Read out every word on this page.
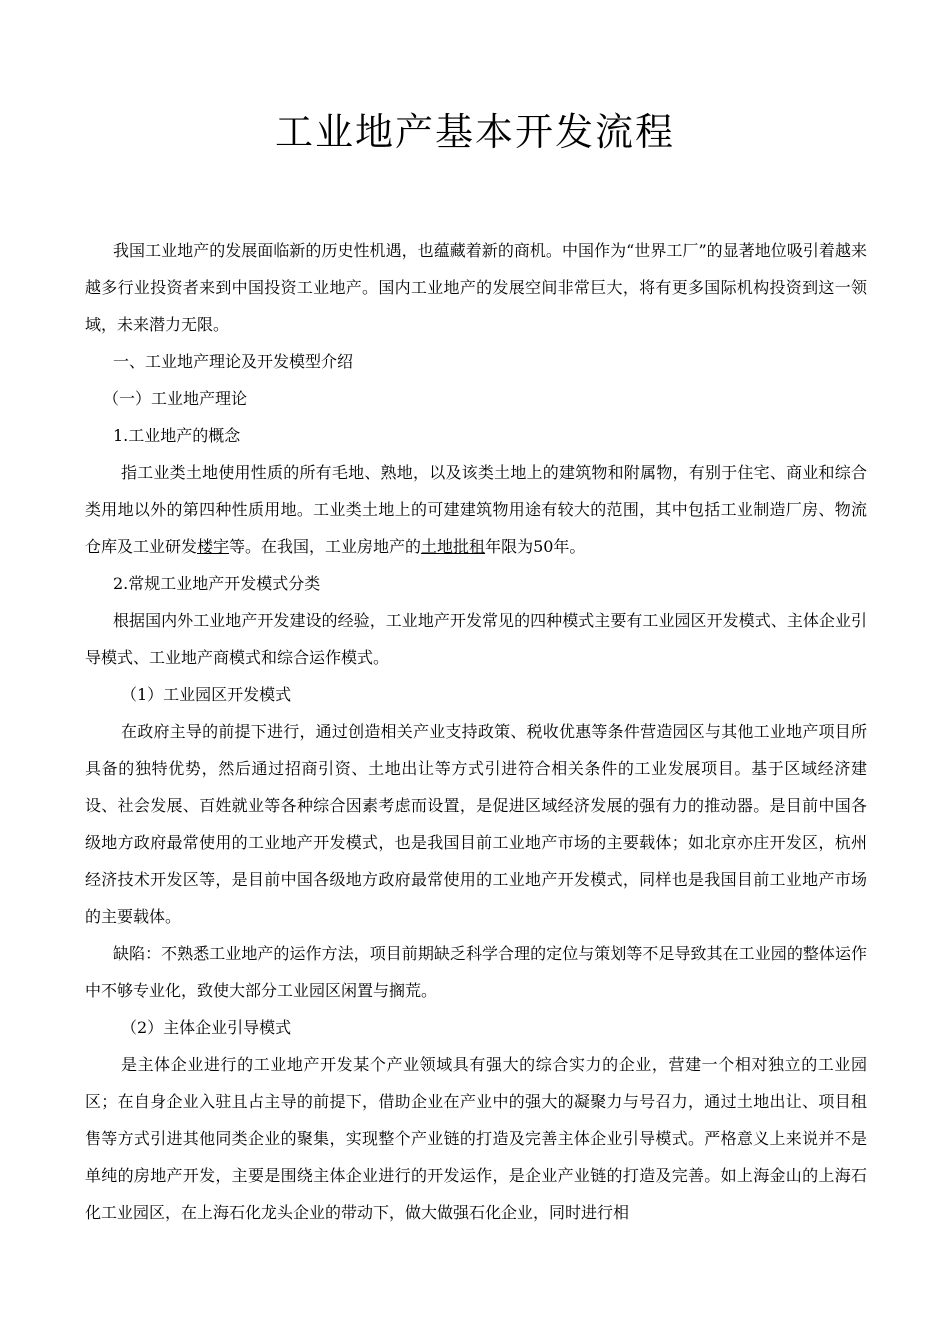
工业地产基本开发流程

我国工业地产的发展面临新的历史性机遇，也蕴藏着新的商机。中国作为“世界工厂”的显著地位吸引着越来越多行业投资者来到中国投资工业地产。国内工业地产的发展空间非常巨大，将有更多国际机构投资到这一领域，未来潜力无限。

一、工业地产理论及开发模型介绍

（一）工业地产理论

1.工业地产的概念

指工业类土地使用性质的所有毛地、熟地，以及该类土地上的建筑物和附属物，有别于住宅、商业和综合类用地以外的第四种性质用地。工业类土地上的可建建筑物用途有较大的范围，其中包括工业制造厂房、物流仓库及工业研发楼宇等。在我国，工业房地产的土地批租年限为50年。

2.常规工业地产开发模式分类

根据国内外工业地产开发建设的经验，工业地产开发常见的四种模式主要有工业园区开发模式、主体企业引导模式、工业地产商模式和综合运作模式。

（1）工业园区开发模式

在政府主导的前提下进行，通过创造相关产业支持政策、税收优惠等条件营造园区与其他工业地产项目所具备的独特优势，然后通过招商引资、土地出让等方式引进符合相关条件的工业发展项目。基于区域经济建设、社会发展、百姓就业等各种综合因素考虑而设置，是促进区域经济发展的强有力的推动器。是目前中国各级地方政府最常使用的工业地产开发模式，也是我国目前工业地产市场的主要载体；如北京亦庄开发区，杭州经济技术开发区等，是目前中国各级地方政府最常使用的工业地产开发模式，同样也是我国目前工业地产市场的主要载体。

缺陷：不熟悉工业地产的运作方法，项目前期缺乏科学合理的定位与策划等不足导致其在工业园的整体运作中不够专业化，致使大部分工业园区闲置与搁荒。

（2）主体企业引导模式

是主体企业进行的工业地产开发某个产业领域具有强大的综合实力的企业，营建一个相对独立的工业园区；在自身企业入驻且占主导的前提下，借助企业在产业中的强大的凝聚力与号召力，通过土地出让、项目租售等方式引进其他同类企业的聚集，实现整个产业链的打造及完善主体企业引导模式。严格意义上来说并不是单纯的房地产开发，主要是围绕主体企业进行的开发运作，是企业产业链的打造及完善。如上海金山的上海石化工业园区，在上海石化龙头企业的带动下，做大做强石化企业，同时进行相
